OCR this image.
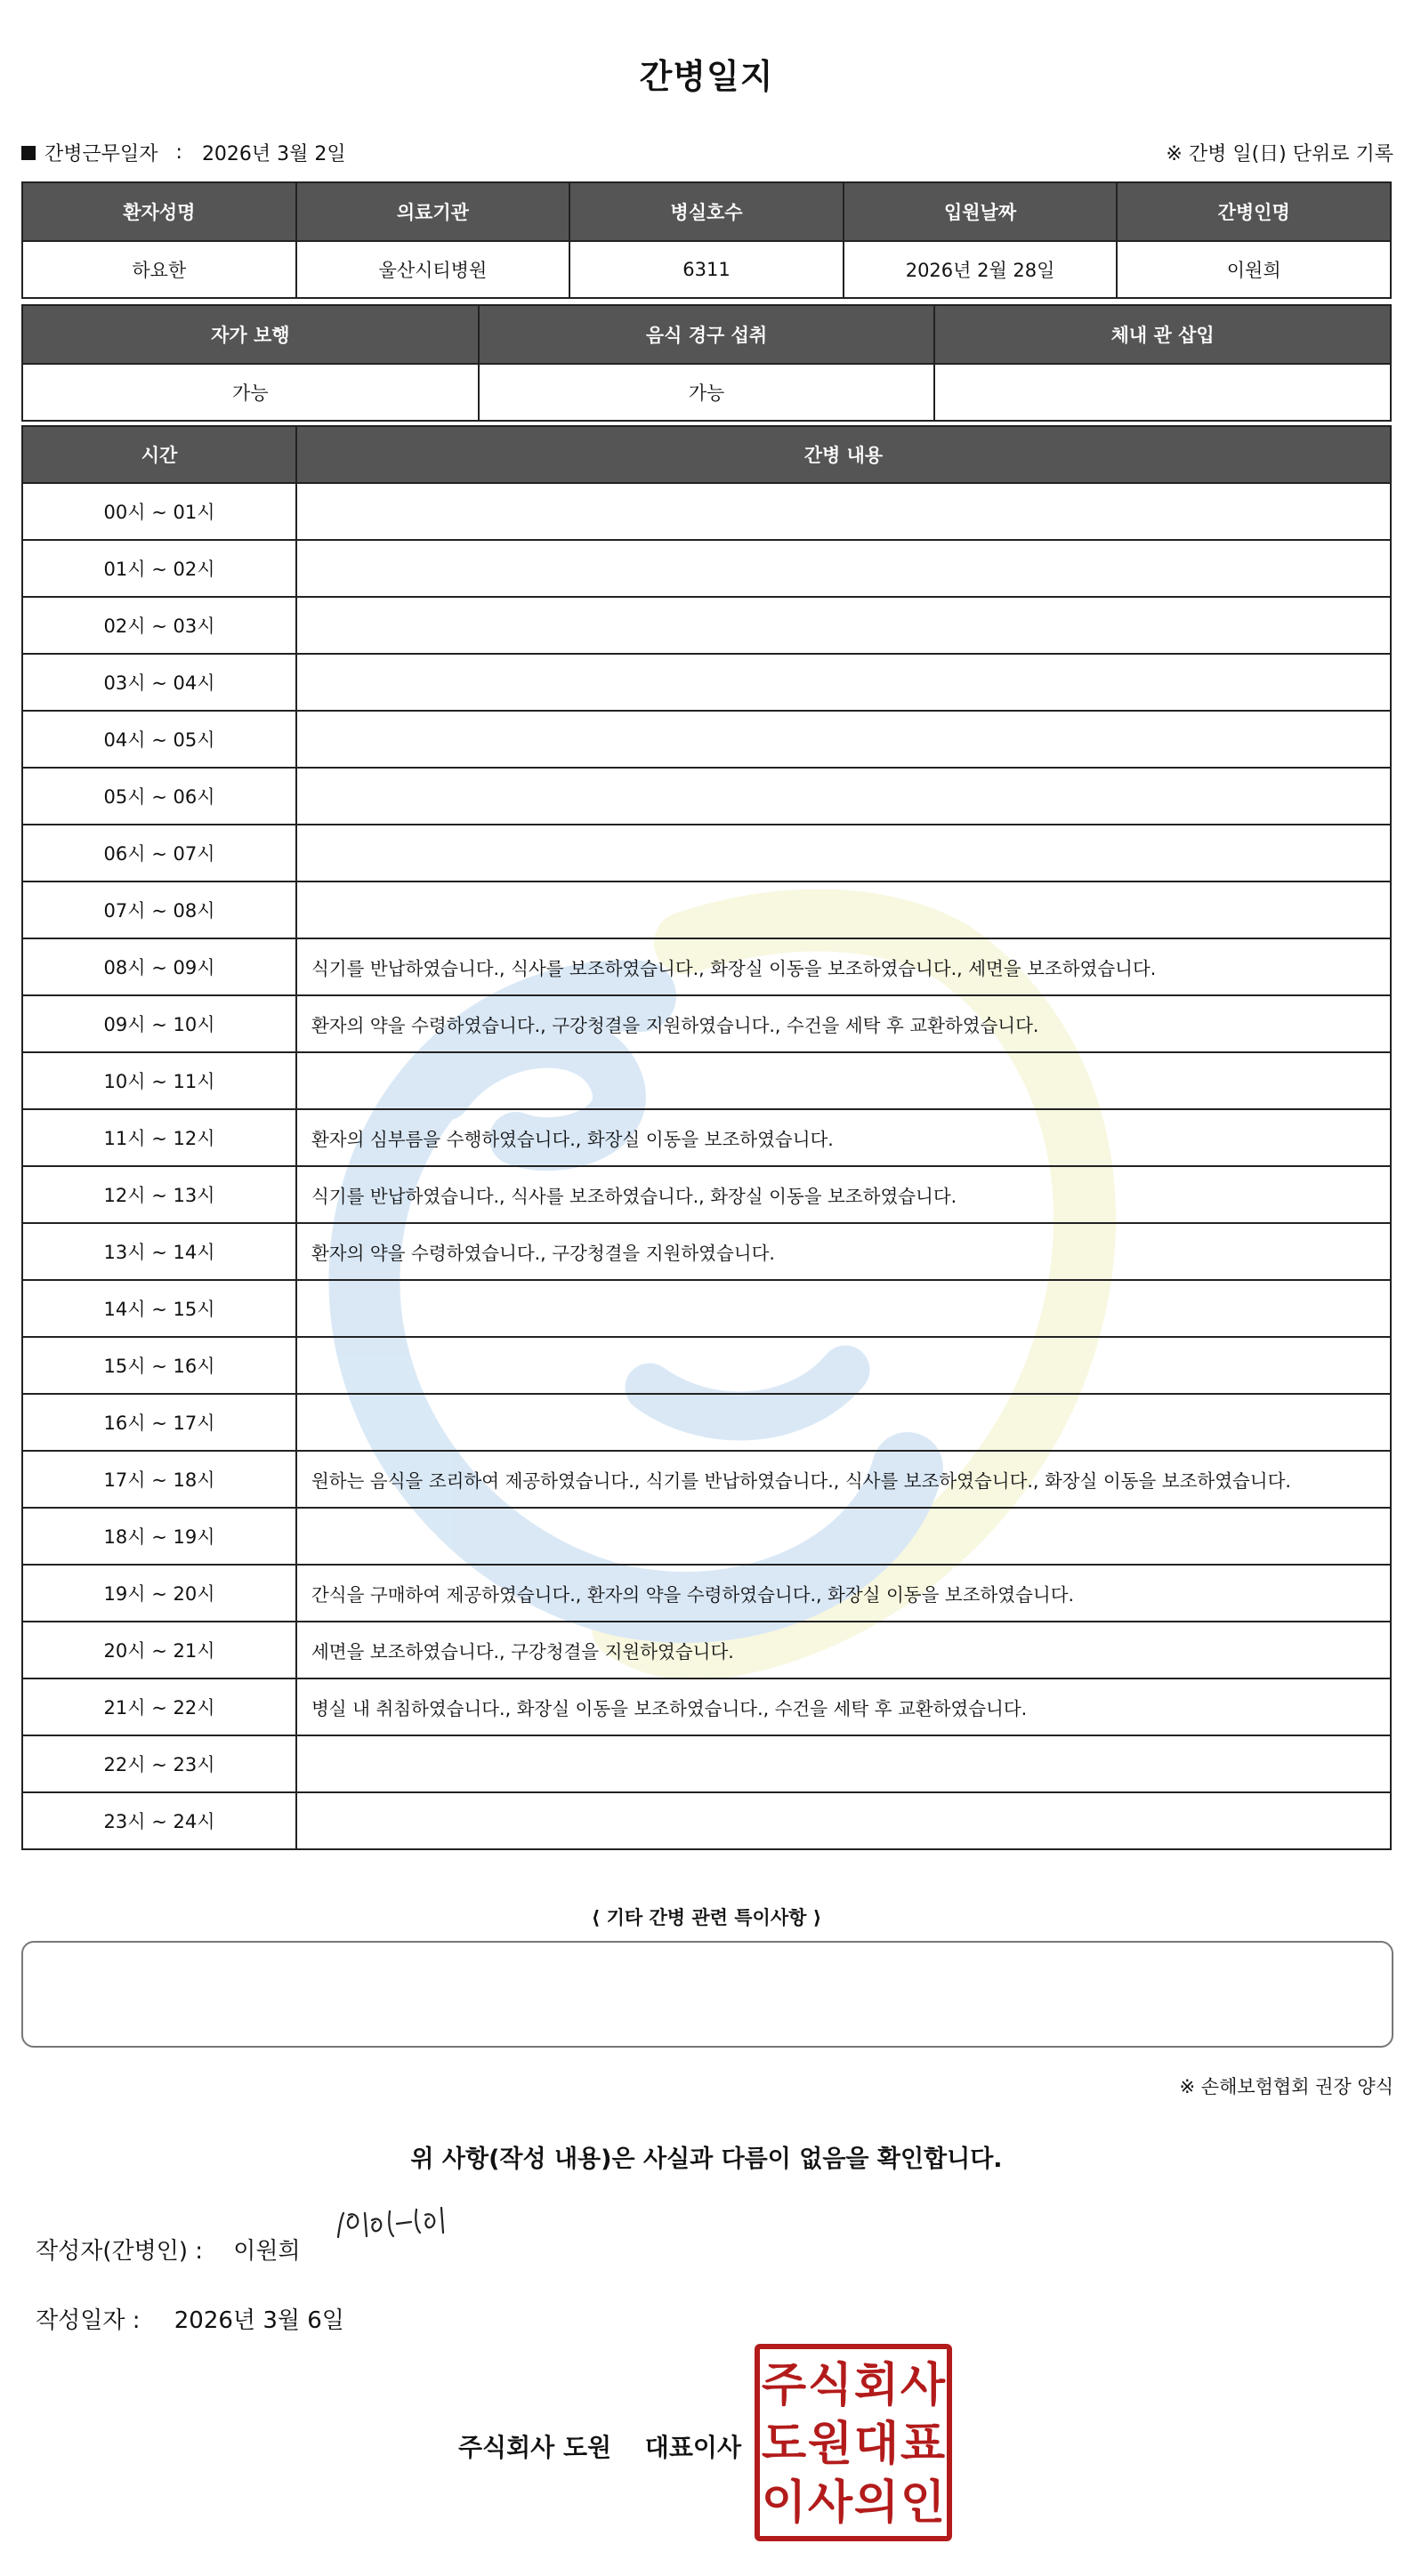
간병일지
간병근무일자 : 2026년 3월 2일	※ 간병 일(日) 단위로 기록
환자성명	의료기관	병실호수	입원날짜	간병인명
하요한	울산시티병원	6311	2026년 2월 28일	이원희
자가 보행	음식 경구 섭취	체내 관 삽입
가능	가능	
시간	간병 내용
00시 ~ 01시	
01시 ~ 02시	
02시 ~ 03시	
03시 ~ 04시	
04시 ~ 05시	
05시 ~ 06시	
06시 ~ 07시	
07시 ~ 08시	
08시 ~ 09시	식기를 반납하였습니다., 식사를 보조하였습니다., 화장실 이동을 보조하였습니다., 세면을 보조하였습니다.
09시 ~ 10시	환자의 약을 수령하였습니다., 구강청결을 지원하였습니다., 수건을 세탁 후 교환하였습니다.
10시 ~ 11시	
11시 ~ 12시	환자의 심부름을 수행하였습니다., 화장실 이동을 보조하였습니다.
12시 ~ 13시	식기를 반납하였습니다., 식사를 보조하였습니다., 화장실 이동을 보조하였습니다.
13시 ~ 14시	환자의 약을 수령하였습니다., 구강청결을 지원하였습니다.
14시 ~ 15시	
15시 ~ 16시	
16시 ~ 17시	
17시 ~ 18시	원하는 음식을 조리하여 제공하였습니다., 식기를 반납하였습니다., 식사를 보조하였습니다., 화장실 이동을 보조하였습니다.
18시 ~ 19시	
19시 ~ 20시	간식을 구매하여 제공하였습니다., 환자의 약을 수령하였습니다., 화장실 이동을 보조하였습니다.
20시 ~ 21시	세면을 보조하였습니다., 구강청결을 지원하였습니다.
21시 ~ 22시	병실 내 취침하였습니다., 화장실 이동을 보조하였습니다., 수건을 세탁 후 교환하였습니다.
22시 ~ 23시	
23시 ~ 24시	
⟨ 기타 간병 관련 특이사항 ⟩
※ 손해보험협회 권장 양식
위 사항(작성 내용)은 사실과 다름이 없음을 확인합니다.
작성자(간병인) : 이원희
작성일자 : 2026년 3월 6일
주식회사 도원 대표이사
주 식 회 사
도 원 대 표
이 사 의 인
